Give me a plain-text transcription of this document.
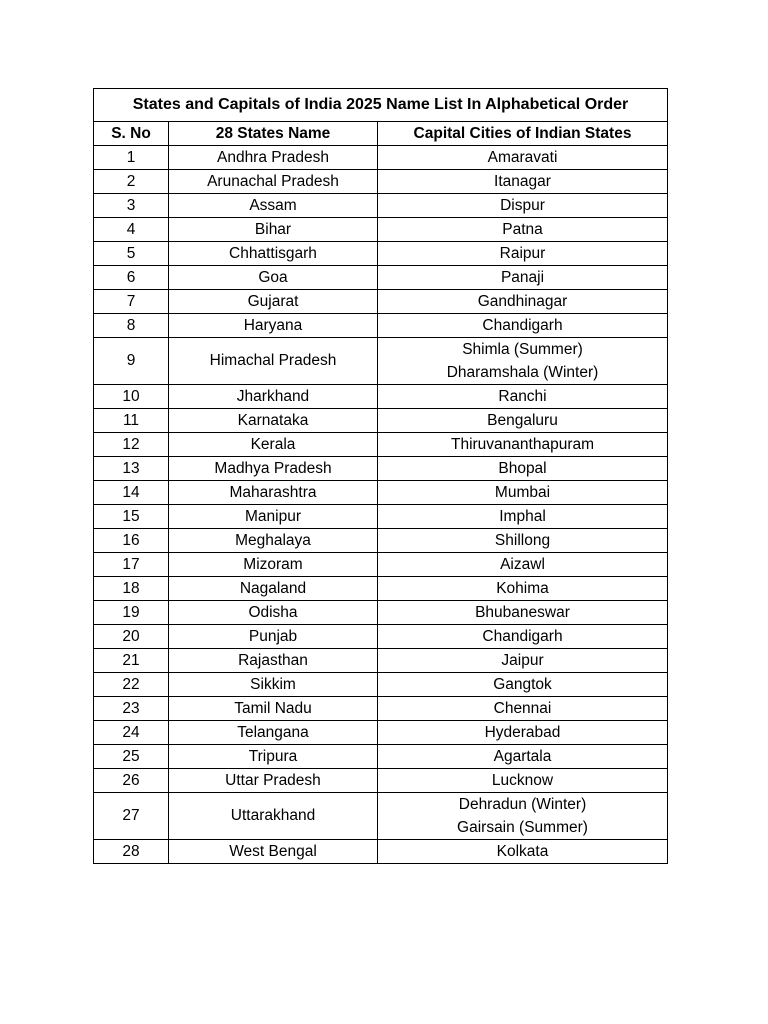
States and Capitals of India 2025 Name List In Alphabetical Order		
S. No	28 States Name	Capital Cities of Indian States
1	Andhra Pradesh	Amaravati

2	Arunachal Pradesh	Itanagar

3	Assam	Dispur

4	Bihar	Patna

5	Chhattisgarh	Raipur

6	Goa	Panaji

7	Gujarat	Gandhinagar

8	Haryana	Chandigarh

9	Himachal Pradesh	Shimla (Summer)
Dharamshala (Winter)

10	Jharkhand	Ranchi

11	Karnataka	Bengaluru

12	Kerala	Thiruvananthapuram

13	Madhya Pradesh	Bhopal

14	Maharashtra	Mumbai

15	Manipur	Imphal

16	Meghalaya	Shillong

17	Mizoram	Aizawl

18	Nagaland	Kohima

19	Odisha	Bhubaneswar

20	Punjab	Chandigarh

21	Rajasthan	Jaipur

22	Sikkim	Gangtok

23	Tamil Nadu	Chennai

24	Telangana	Hyderabad

25	Tripura	Agartala

26	Uttar Pradesh	Lucknow

27	Uttarakhand	Dehradun (Winter)
Gairsain (Summer)

28	West Bengal	Kolkata
